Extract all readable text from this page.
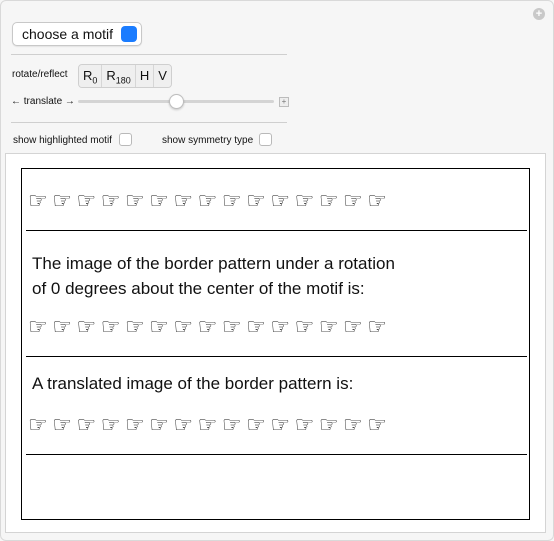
+
choose a motif
rotate/reflect	$R_0$ $R_{180}$ H V
← translate →	+
show highlighted motif	show symmetry type
☞☞☞☞☞☞☞☞☞☞☞☞☞☞☞
The image of the border pattern under a rotation
of 0 degrees about the center of the motif is:
☞☞☞☞☞☞☞☞☞☞☞☞☞☞☞
A translated image of the border pattern is:
☞☞☞☞☞☞☞☞☞☞☞☞☞☞☞
